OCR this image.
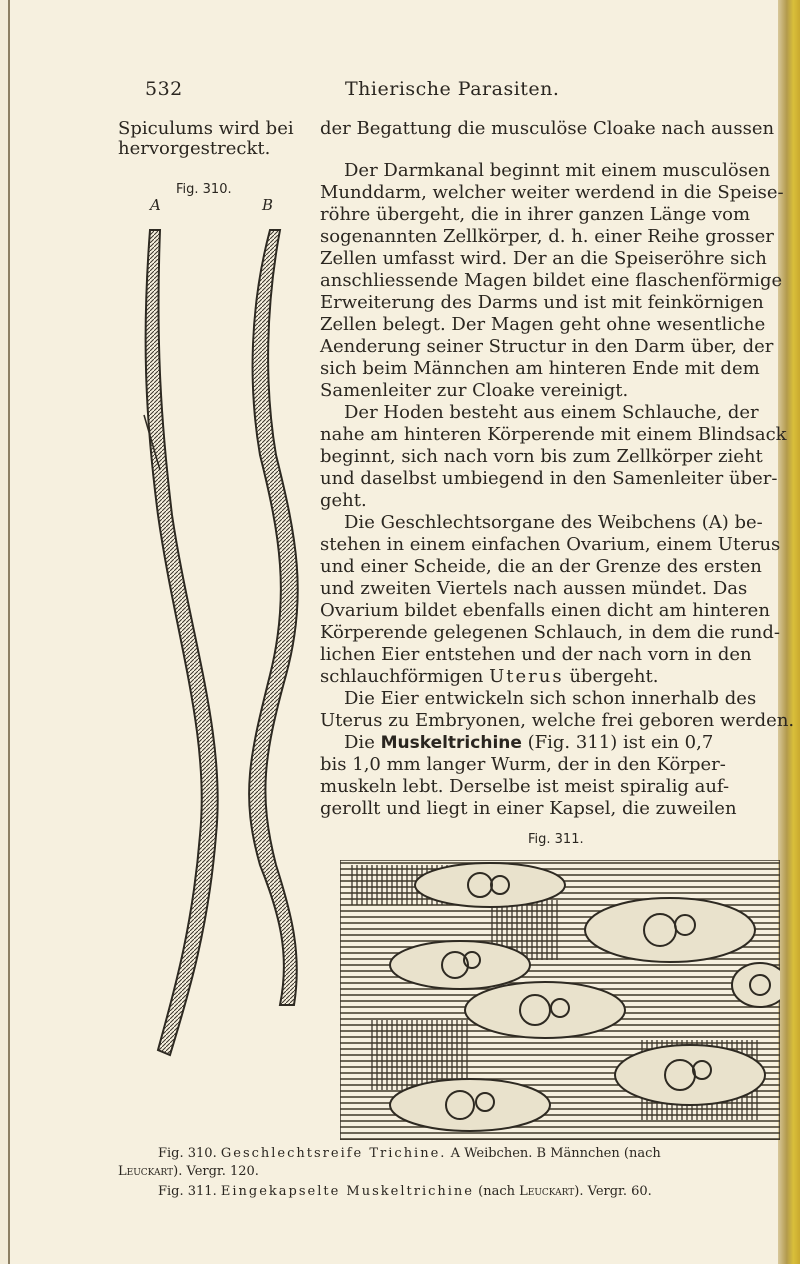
532	Thierische Parasiten.
Spiculums wird bei der Begattung die musculöse Cloake nach aussen
hervorgestreckt.
Fig. 310.
A	B
Der Darmkanal beginnt mit einem musculösen
Munddarm, welcher weiter werdend in die Speise-
röhre übergeht, die in ihrer ganzen Länge vom
sogenannten Zellkörper, d. h. einer Reihe grosser
Zellen umfasst wird. Der an die Speiseröhre sich
anschliessende Magen bildet eine flaschenförmige
Erweiterung des Darms und ist mit feinkörnigen
Zellen belegt. Der Magen geht ohne wesentliche
Aenderung seiner Structur in den Darm über, der
sich beim Männchen am hinteren Ende mit dem
Samenleiter zur Cloake vereinigt.
Der Hoden besteht aus einem Schlauche, der
nahe am hinteren Körperende mit einem Blindsack
beginnt, sich nach vorn bis zum Zellkörper zieht
und daselbst umbiegend in den Samenleiter über-
geht.
Die Geschlechtsorgane des Weibchens (A) be-
stehen in einem einfachen Ovarium, einem Uterus
und einer Scheide, die an der Grenze des ersten
und zweiten Viertels nach aussen mündet. Das
Ovarium bildet ebenfalls einen dicht am hinteren
Körperende gelegenen Schlauch, in dem die rund-
lichen Eier entstehen und der nach vorn in den
schlauchförmigen Uterus übergeht.
Die Eier entwickeln sich schon innerhalb des
Uterus zu Embryonen, welche frei geboren werden.
Die Muskeltrichine (Fig. 311) ist ein 0,7
bis 1,0 mm langer Wurm, der in den Körper-
muskeln lebt. Derselbe ist meist spiralig auf-
gerollt und liegt in einer Kapsel, die zuweilen
Fig. 311.
Fig. 310. Geschlechtsreife Trichine. A Weibchen. B Männchen (nach
Leuckart). Vergr. 120.
Fig. 311. Eingekapselte Muskeltrichine (nach Leuckart). Vergr. 60.
